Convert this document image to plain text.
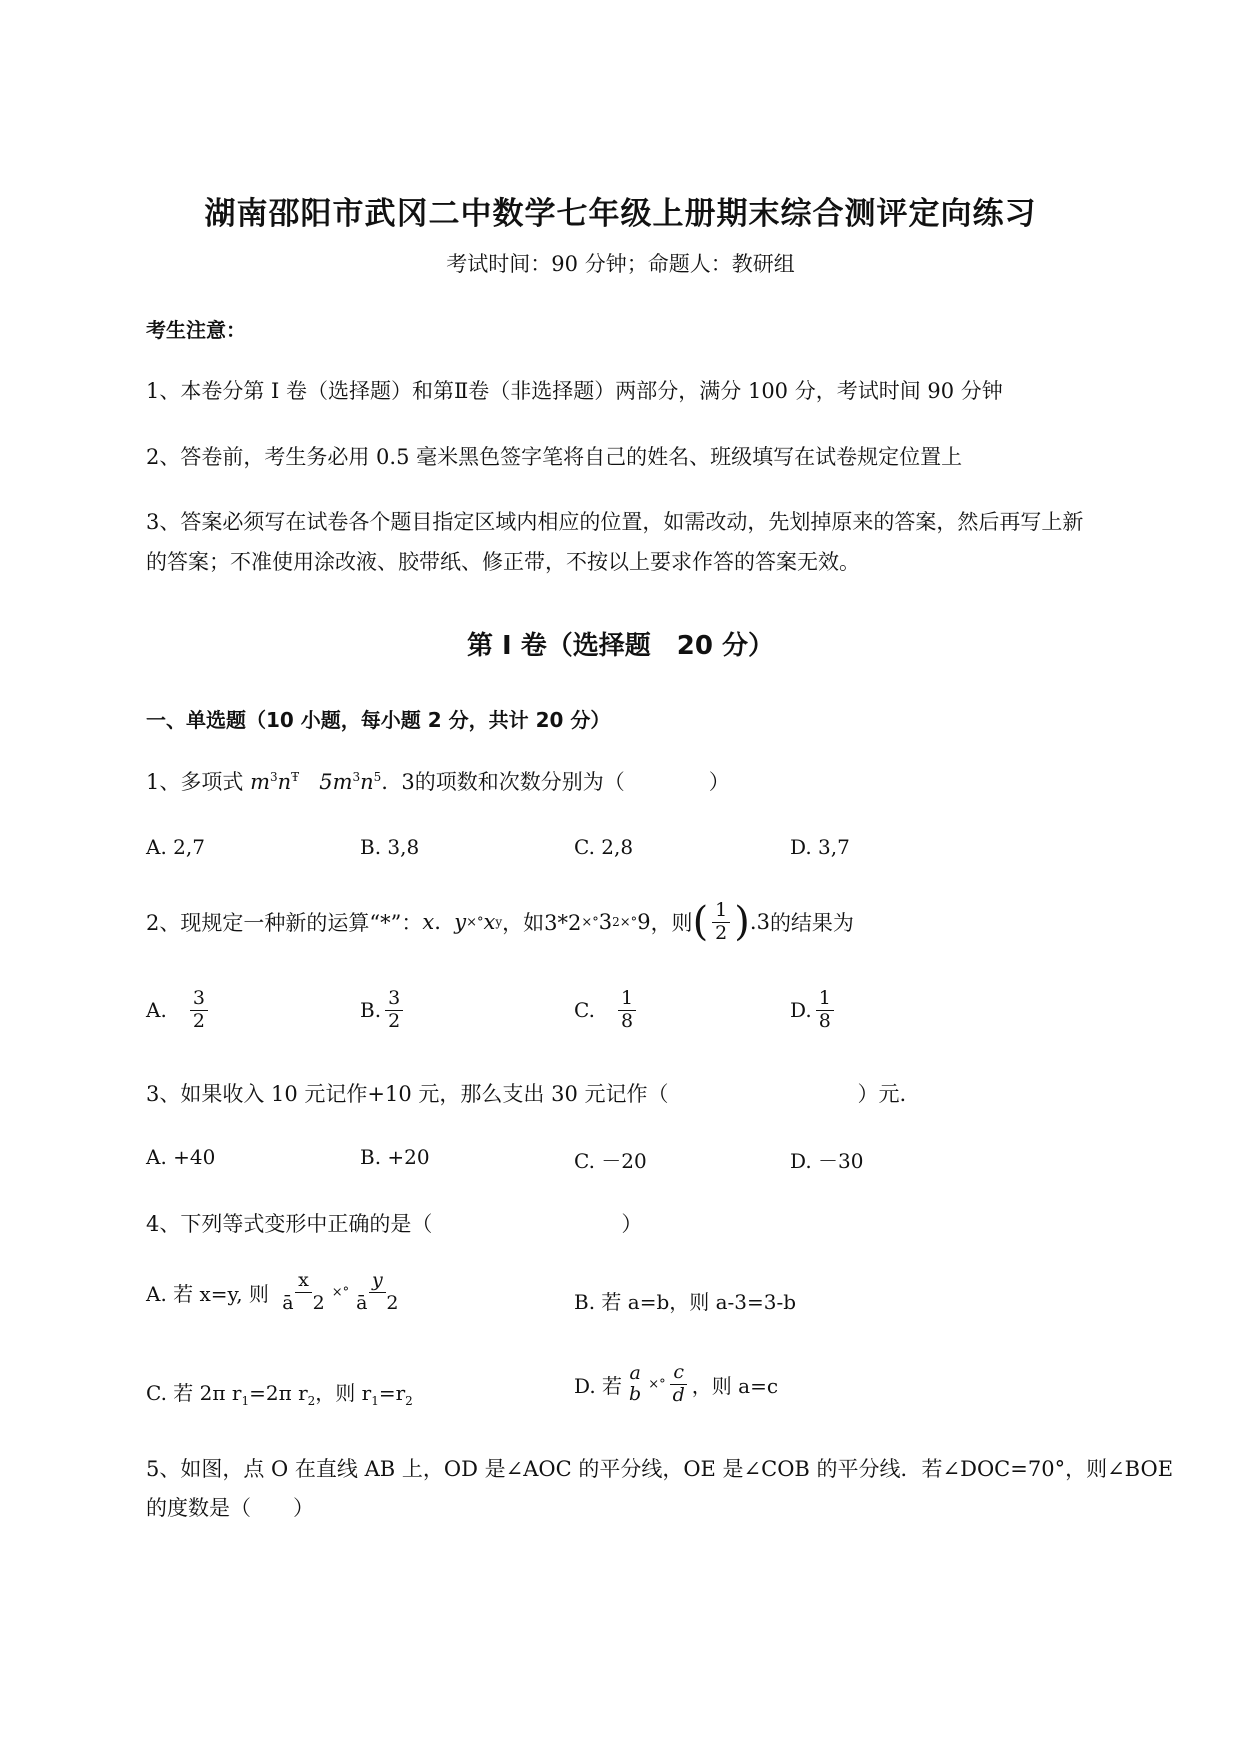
湖南邵阳市武冈二中数学七年级上册期末综合测评定向练习
考试时间：90 分钟；命题人：教研组
考生注意：
1、本卷分第 I 卷（选择题）和第Ⅱ卷（非选择题）两部分，满分 100 分，考试时间 90 分钟
2、答卷前，考生务必用 0.5 毫米黑色签字笔将自己的姓名、班级填写在试卷规定位置上
3、答案必须写在试卷各个题目指定区域内相应的位置，如需改动，先划掉原来的答案，然后再写上新
的答案；不准使用涂改液、胶带纸、修正带，不按以上要求作答的答案无效。
第 I 卷（选择题　20 分）
一、单选题（10 小题，每小题 2 分，共计 20 分）
1、多项式 $m^3n^Ŧ$ $5m^3n^5$.  3的项数和次数分别为（　　　　）
A. 2,7	B. 3,8	C. 2,8	D. 3,7
2、现规定一种新的运算“*”： x . y ×° x y ，如3*2 ×° 3 2 ×° 9 ，则 ( $\frac{1}{2}$ ) . 3 的结果为
A.
$\frac{3}{2}$	B. $\frac{3}{2}$	C.
$\frac{1}{8}$	D. $\frac{1}{8}$
3、如果收入 10 元记作+10 元，那么支出 30 元记作（　　　　　　　　　）元.
A. +40	B. +20	C. －20	D. －30
4、下列等式变形中正确的是（　　　　　　　　　）
A. 若 x=y, 则
$\frac{x}{ā 2}$ ×° $\frac{y}{ā 2}$	B. 若 a=b，则 a-3=3-b
C. 若 2π $r_1=2\pi$ $r_2$，则 $r_1=r_2$
D. 若
a
b ×° $\frac{c}{d}$ ，则 a=c
5、如图，点 O 在直线 AB 上，OD 是∠AOC 的平分线，OE 是∠COB 的平分线．若∠DOC=70°，则∠BOE
的度数是（　　）
